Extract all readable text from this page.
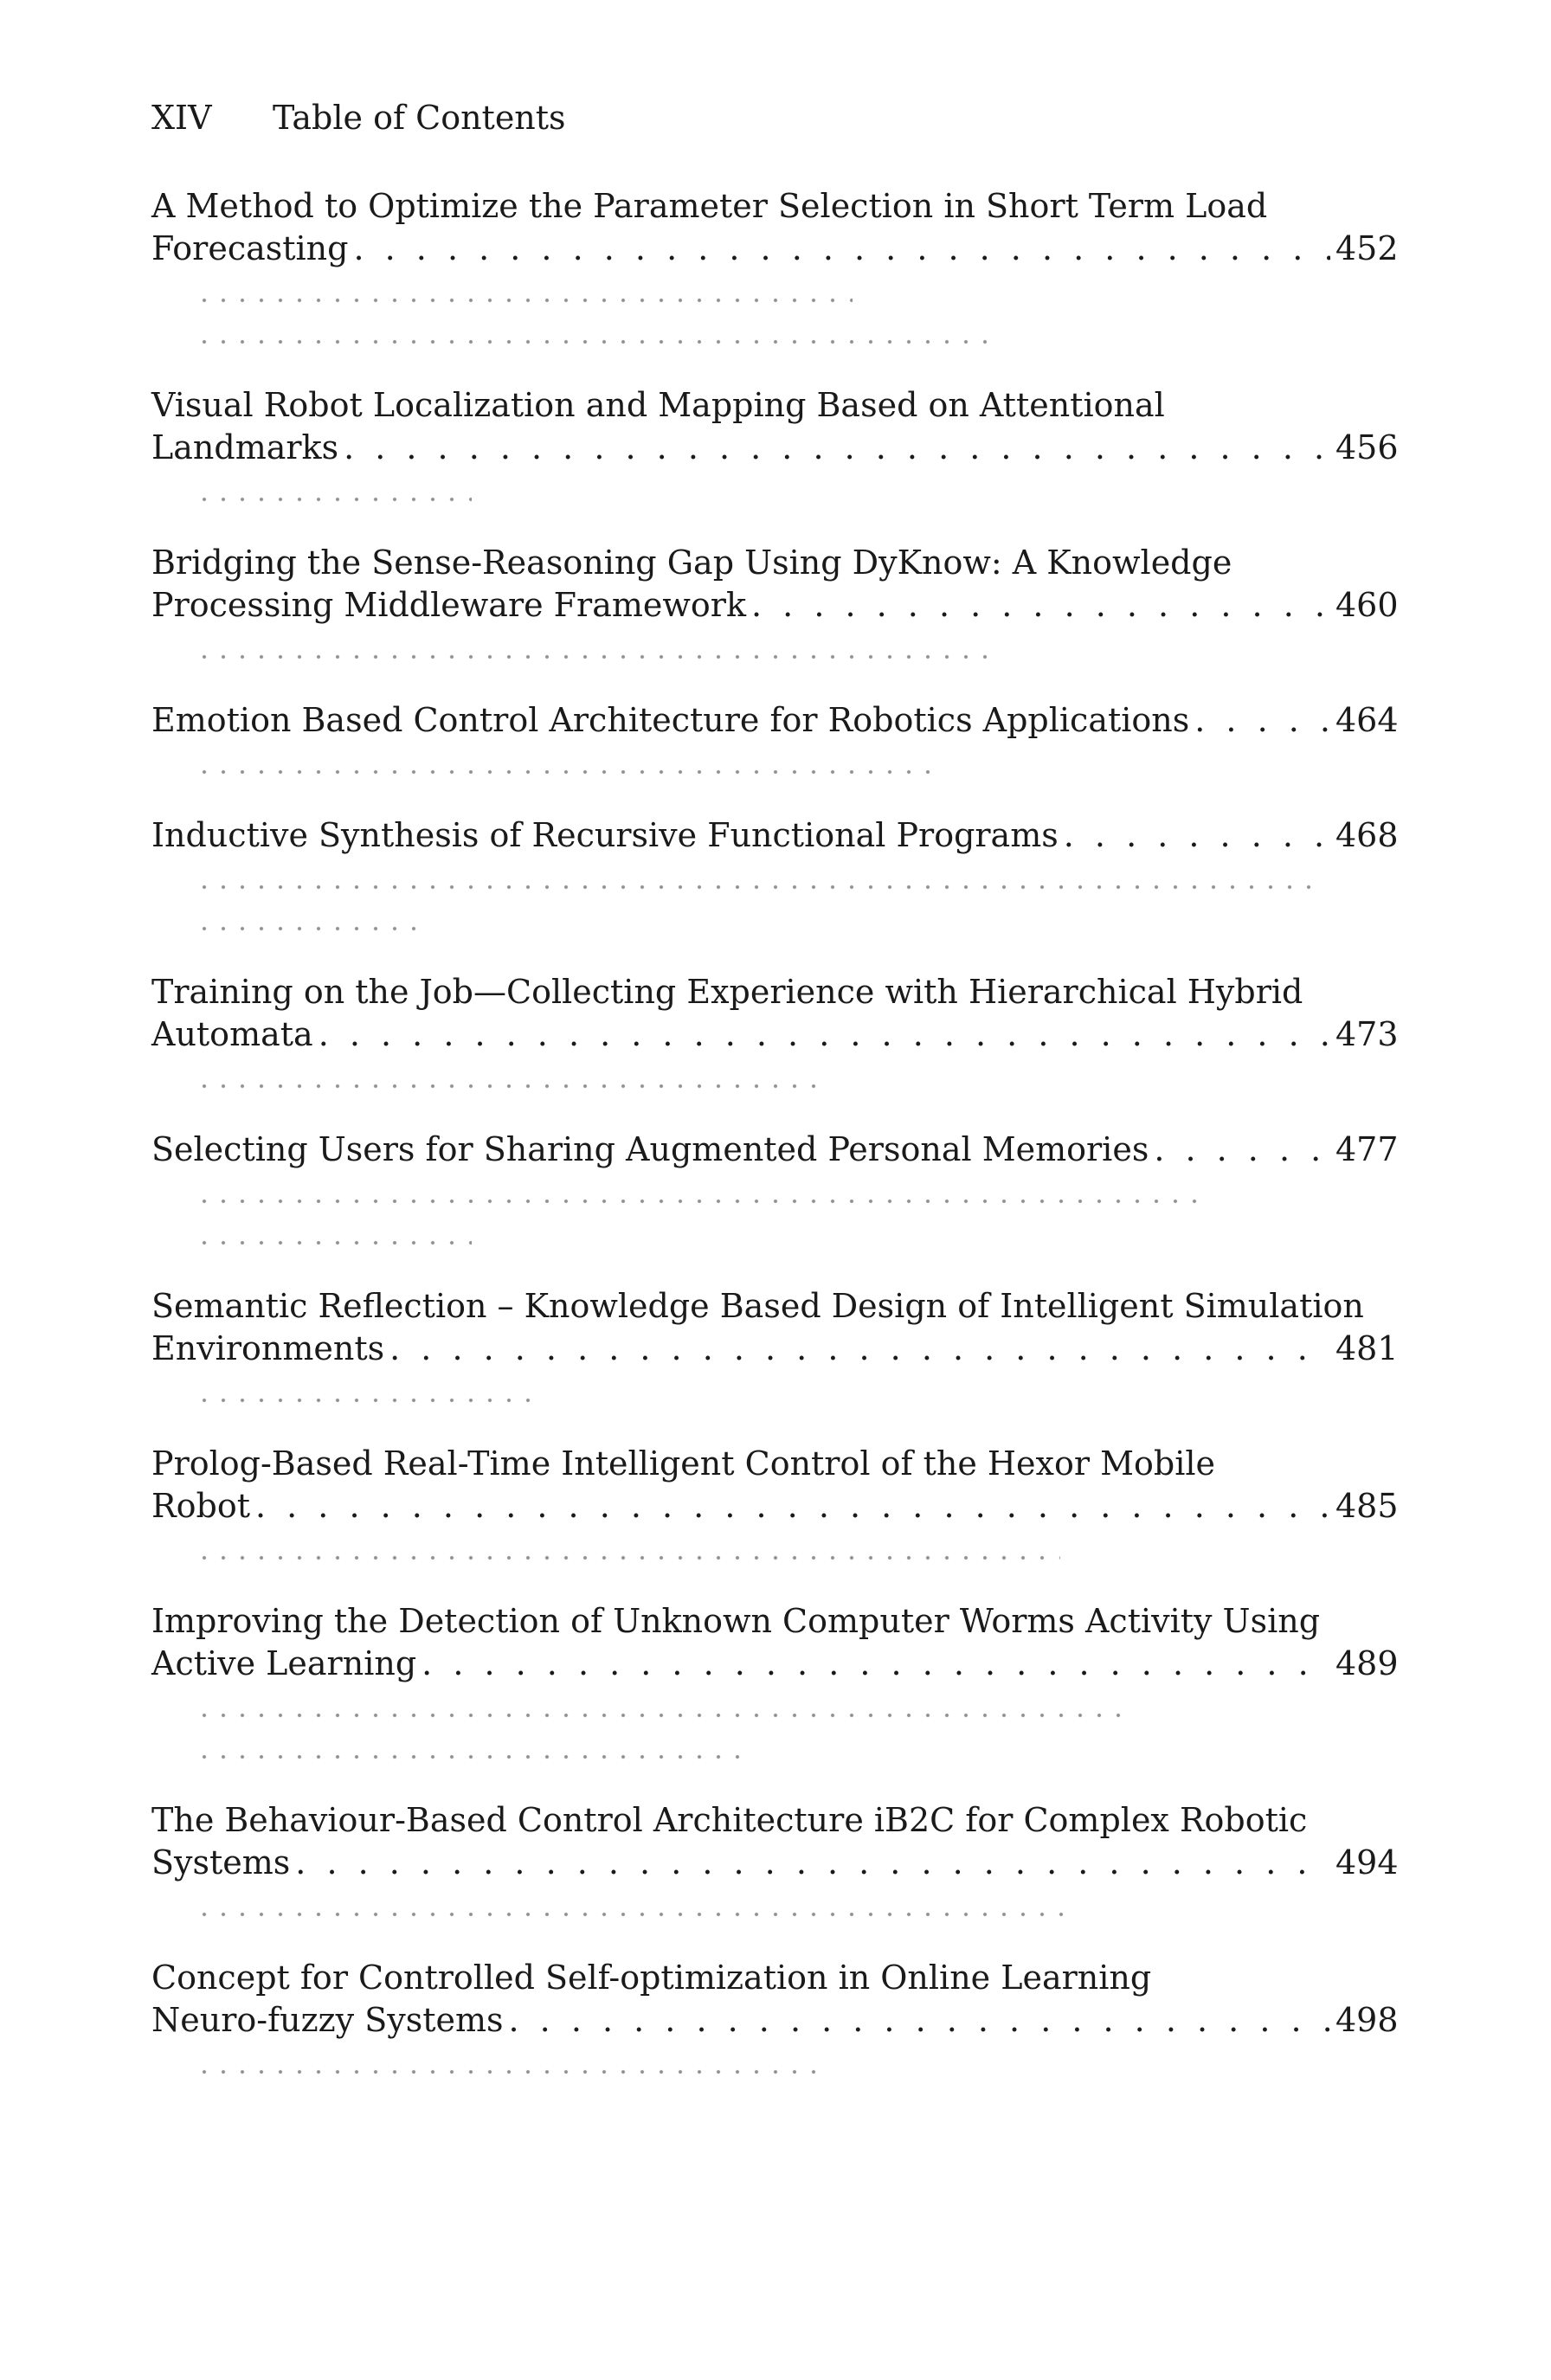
XIV Table of Contents
A Method to Optimize the Parameter Selection in Short Term Load
Forecasting . . .	452
Visual Robot Localization and Mapping Based on Attentional
Landmarks . . .	456
Bridging the Sense-Reasoning Gap Using DyKnow: A Knowledge
Processing Middleware Framework . . .	460
Emotion Based Control Architecture for Robotics Applications . . .	464
Inductive Synthesis of Recursive Functional Programs . . .	468
Training on the Job—Collecting Experience with Hierarchical Hybrid
Automata . . .	473
Selecting Users for Sharing Augmented Personal Memories . . .	477
Semantic Reflection – Knowledge Based Design of Intelligent Simulation
Environments . . .	481
Prolog-Based Real-Time Intelligent Control of the Hexor Mobile
Robot . . .	485
Improving the Detection of Unknown Computer Worms Activity Using
Active Learning . . .	489
The Behaviour-Based Control Architecture iB2C for Complex Robotic
Systems . . .	494
Concept for Controlled Self-optimization in Online Learning
Neuro-fuzzy Systems . . .	498
